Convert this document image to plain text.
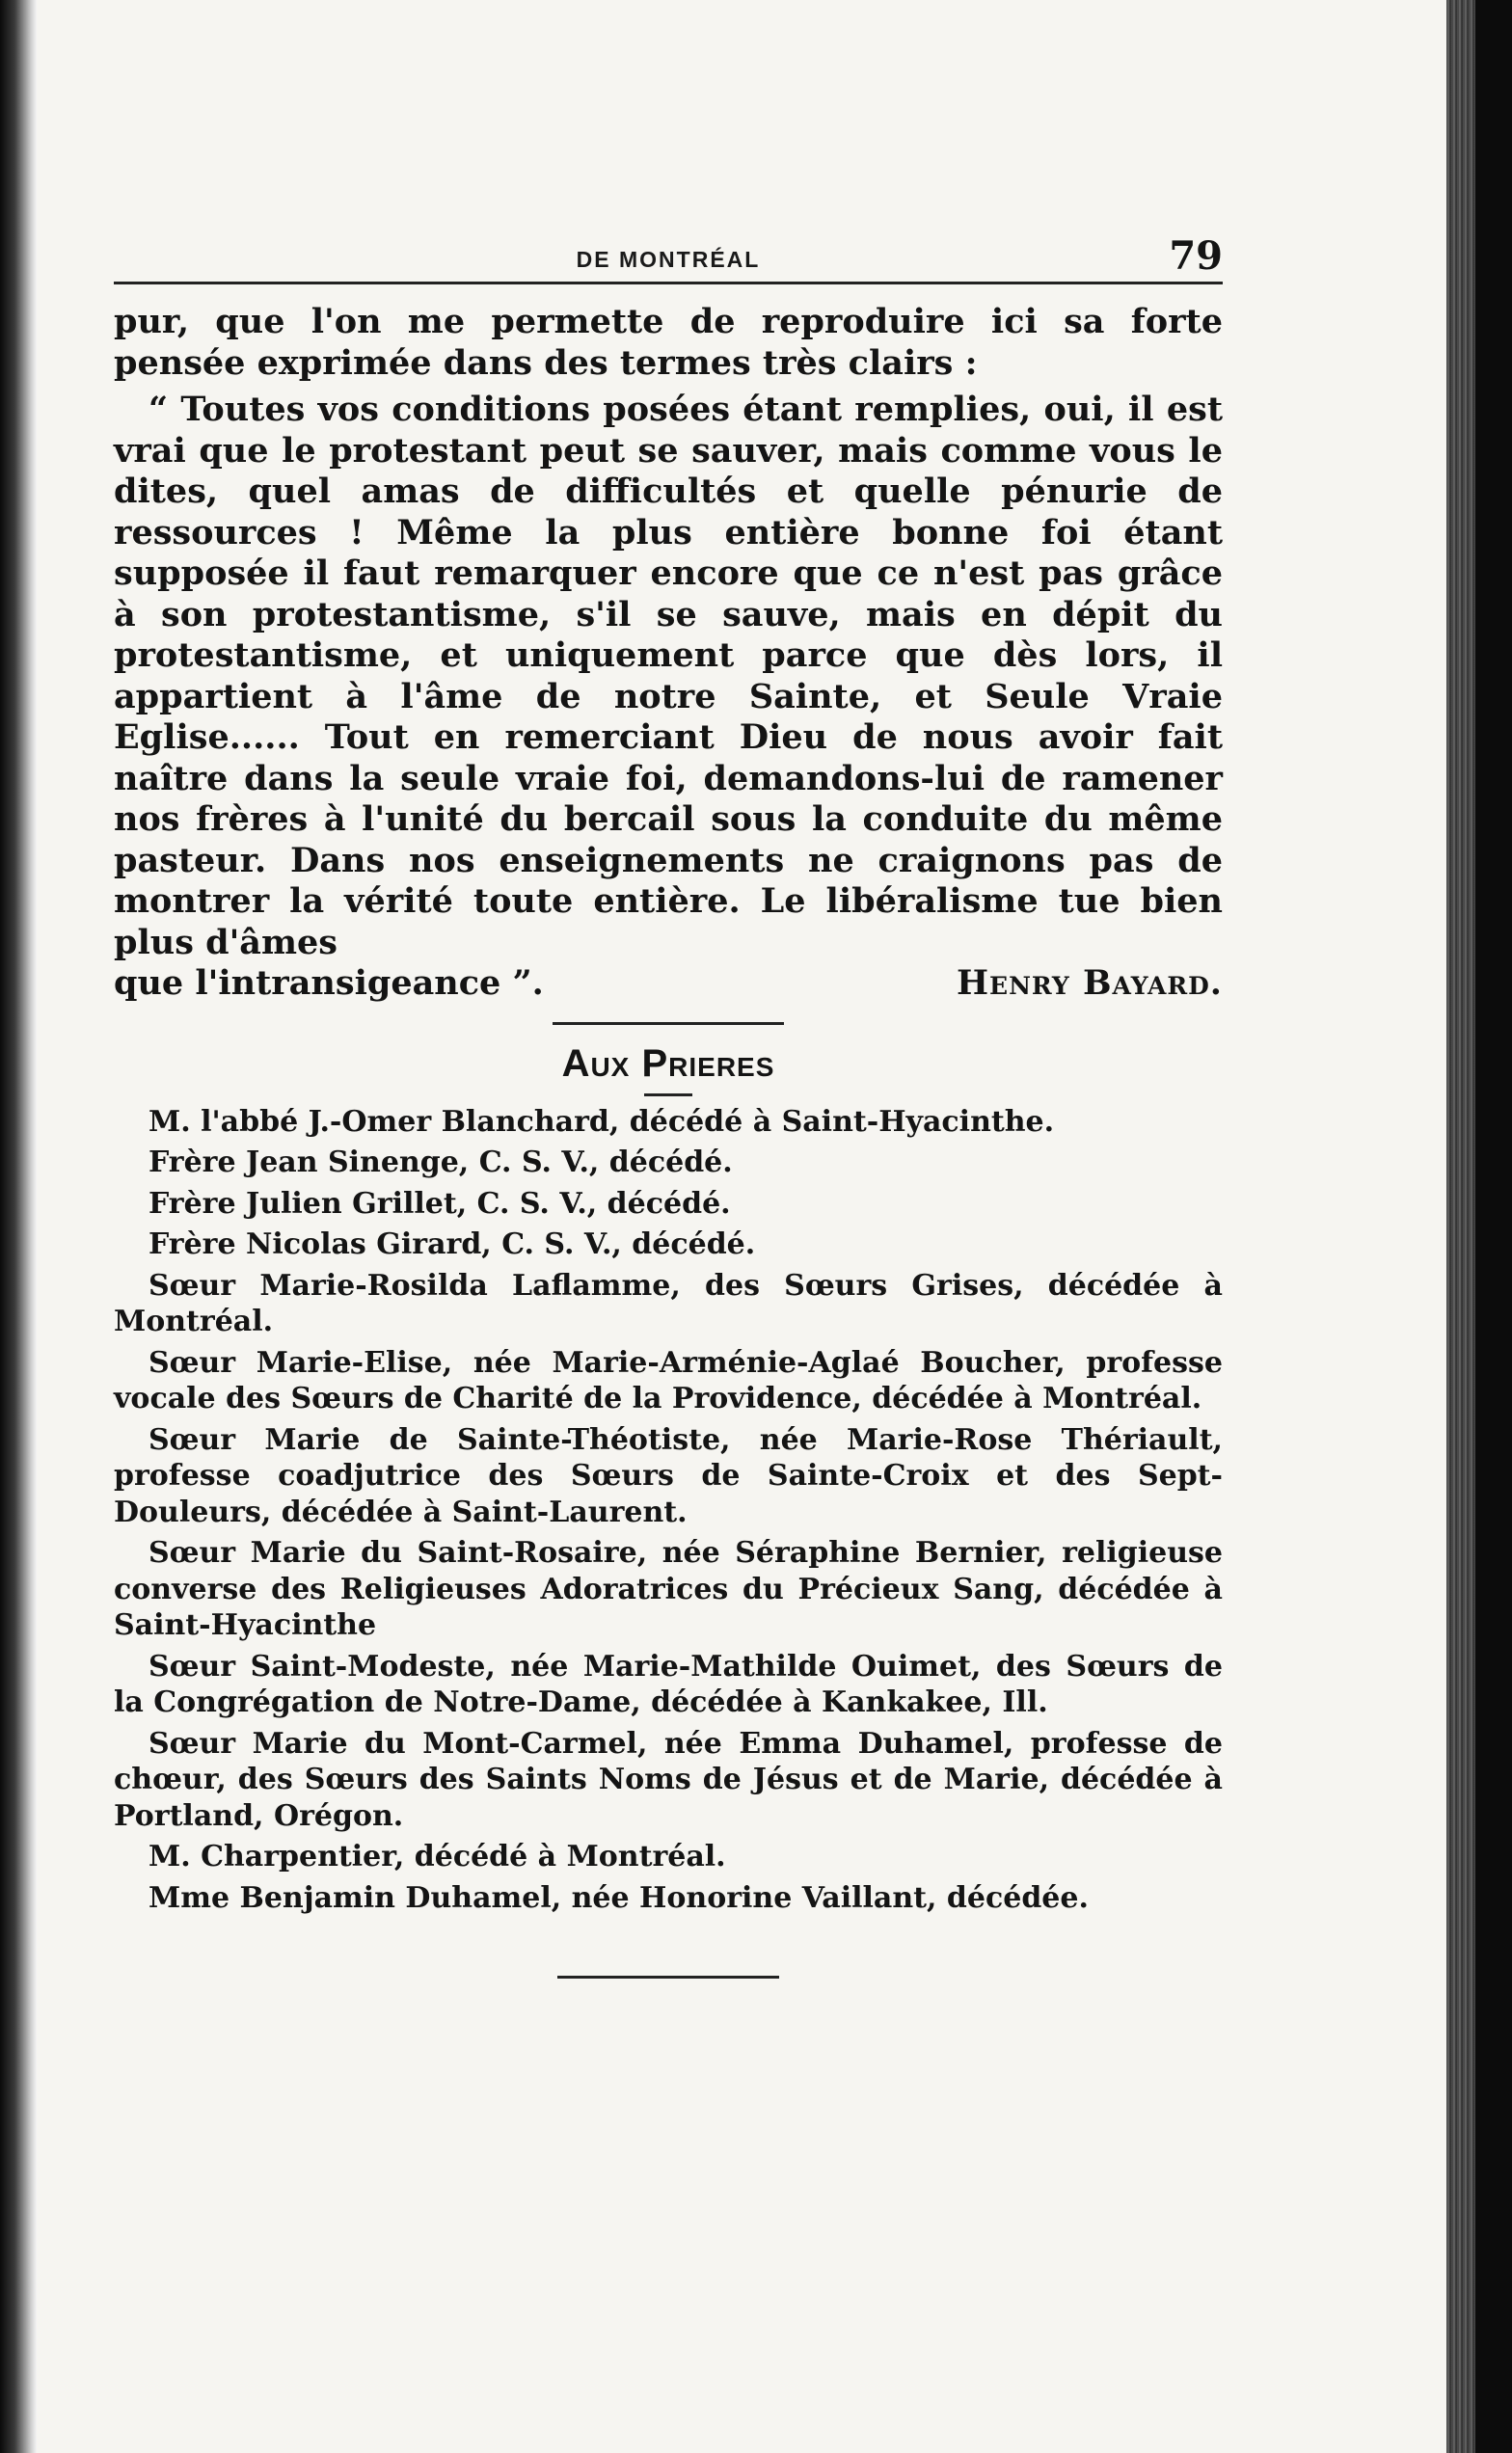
DE MONTRÉAL	79

pur, que l'on me permette de reproduire ici sa forte pensée exprimée dans des termes très clairs :

“ Toutes vos conditions posées étant remplies, oui, il est vrai que le protestant peut se sauver, mais comme vous le dites, quel amas de difficultés et quelle pénurie de ressources ! Même la plus entière bonne foi étant supposée il faut remarquer encore que ce n'est pas grâce à son protestantisme, s'il se sauve, mais en dépit du protestantisme, et uniquement parce que dès lors, il appartient à l'âme de notre Sainte, et Seule Vraie Eglise...... Tout en remerciant Dieu de nous avoir fait naître dans la seule vraie foi, demandons-lui de ramener nos frères à l'unité du bercail sous la conduite du même pasteur. Dans nos enseignements ne craignons pas de montrer la vérité toute entière. Le libéralisme tue bien plus d'âmes

que l'intransigeance ”.	Henry Bayard.
Aux Prieres

M. l'abbé J.-Omer Blanchard, décédé à Saint-Hyacinthe.

Frère Jean Sinenge, C. S. V., décédé.

Frère Julien Grillet, C. S. V., décédé.

Frère Nicolas Girard, C. S. V., décédé.

Sœur Marie-Rosilda Laflamme, des Sœurs Grises, décédée à Montréal.

Sœur Marie-Elise, née Marie-Arménie-Aglaé Boucher, professe vocale des Sœurs de Charité de la Providence, décédée à Montréal.

Sœur Marie de Sainte-Théotiste, née Marie-Rose Thériault, professe coadjutrice des Sœurs de Sainte-Croix et des Sept-Douleurs, décédée à Saint-Laurent.

Sœur Marie du Saint-Rosaire, née Séraphine Bernier, religieuse converse des Religieuses Adoratrices du Précieux Sang, décédée à Saint-Hyacinthe

Sœur Saint-Modeste, née Marie-Mathilde Ouimet, des Sœurs de la Congrégation de Notre-Dame, décédée à Kankakee, Ill.

Sœur Marie du Mont-Carmel, née Emma Duhamel, professe de chœur, des Sœurs des Saints Noms de Jésus et de Marie, décédée à Portland, Orégon.

M. Charpentier, décédé à Montréal.

Mme Benjamin Duhamel, née Honorine Vaillant, décédée.
